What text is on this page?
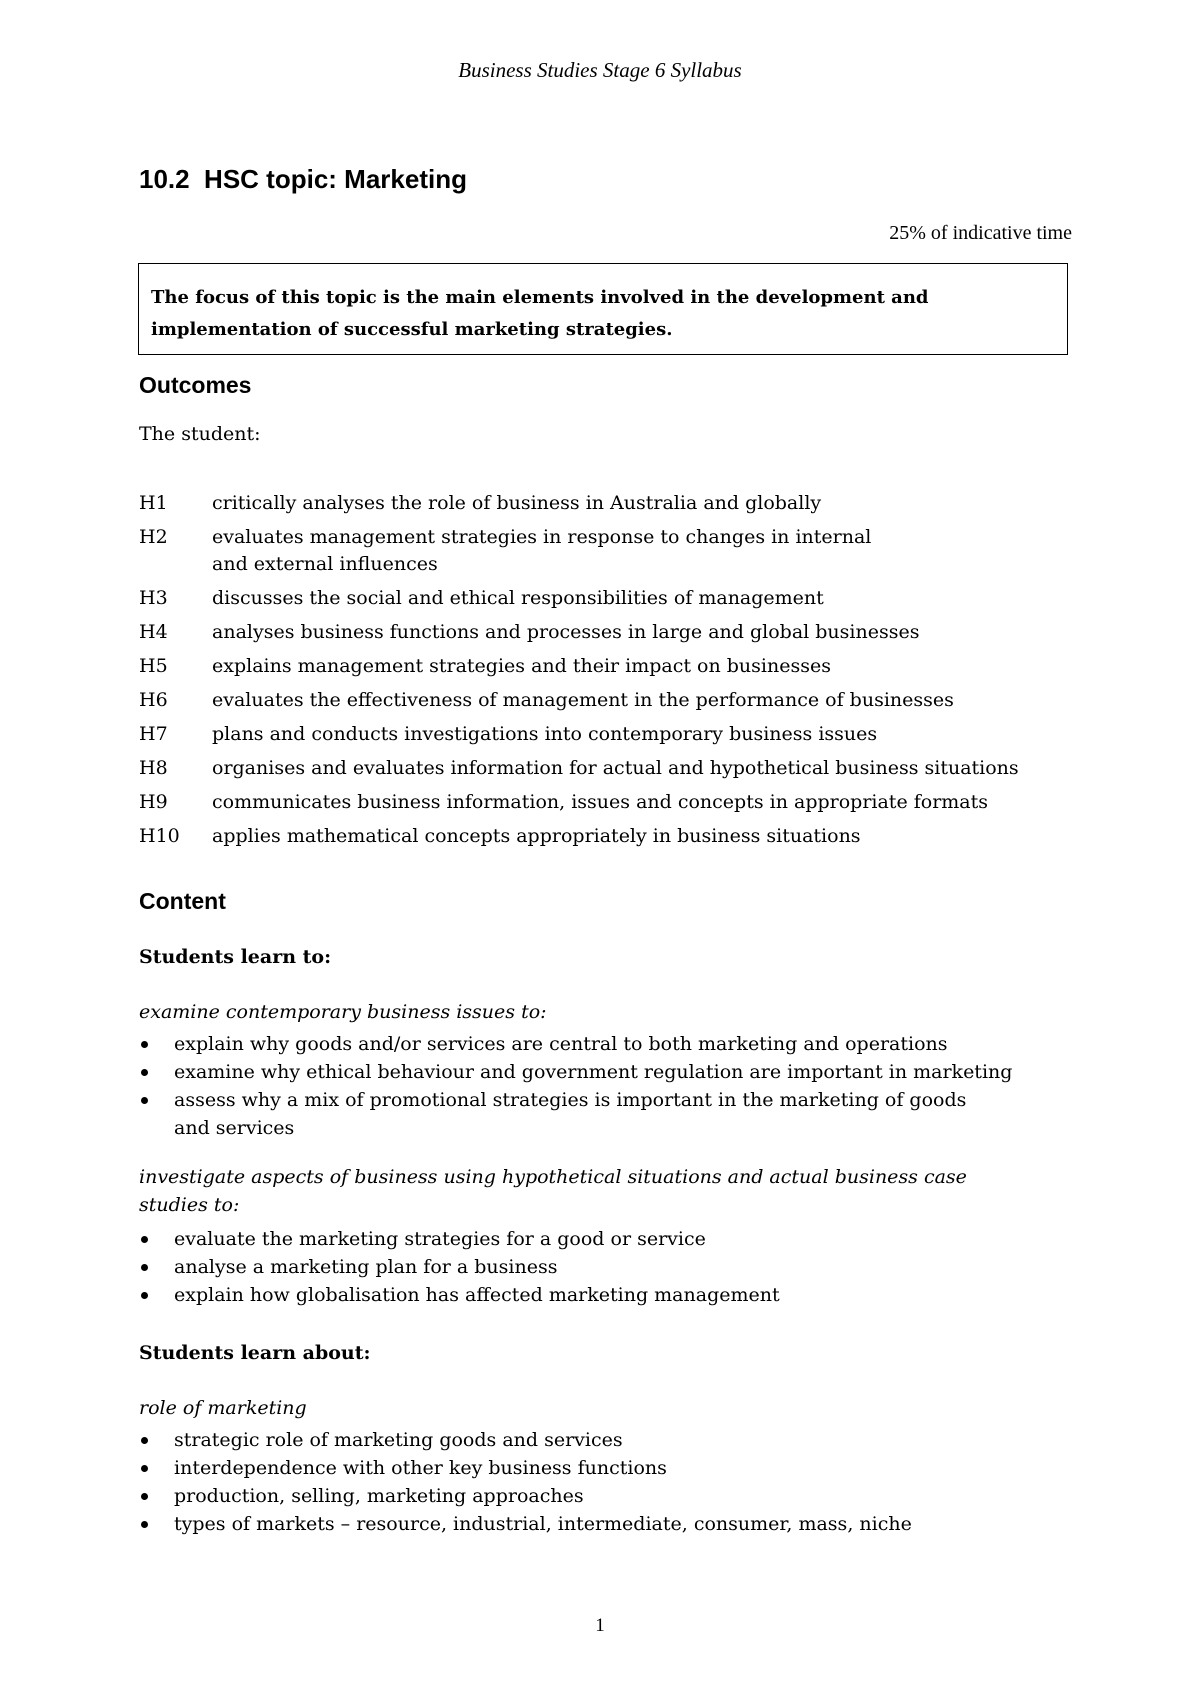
Business Studies Stage 6 Syllabus
10.2  HSC topic: Marketing
25% of indicative time
The focus of this topic is the main elements involved in the development and implementation of successful marketing strategies.
Outcomes
The student:
H1	critically analyses the role of business in Australia and globally
H2	evaluates management strategies in response to changes in internal and external influences
H3	discusses the social and ethical responsibilities of management
H4	analyses business functions and processes in large and global businesses
H5	explains management strategies and their impact on businesses
H6	evaluates the effectiveness of management in the performance of businesses
H7	plans and conducts investigations into contemporary business issues
H8	organises and evaluates information for actual and hypothetical business situations
H9	communicates business information, issues and concepts in appropriate formats
H10	applies mathematical concepts appropriately in business situations
Content
Students learn to:
examine contemporary business issues to:
explain why goods and/or services are central to both marketing and operations
examine why ethical behaviour and government regulation are important in marketing
assess why a mix of promotional strategies is important in the marketing of goods and services
investigate aspects of business using hypothetical situations and actual business case studies to:
evaluate the marketing strategies for a good or service
analyse a marketing plan for a business
explain how globalisation has affected marketing management
Students learn about:
role of marketing
strategic role of marketing goods and services
interdependence with other key business functions
production, selling, marketing approaches
types of markets – resource, industrial, intermediate, consumer, mass, niche
1
